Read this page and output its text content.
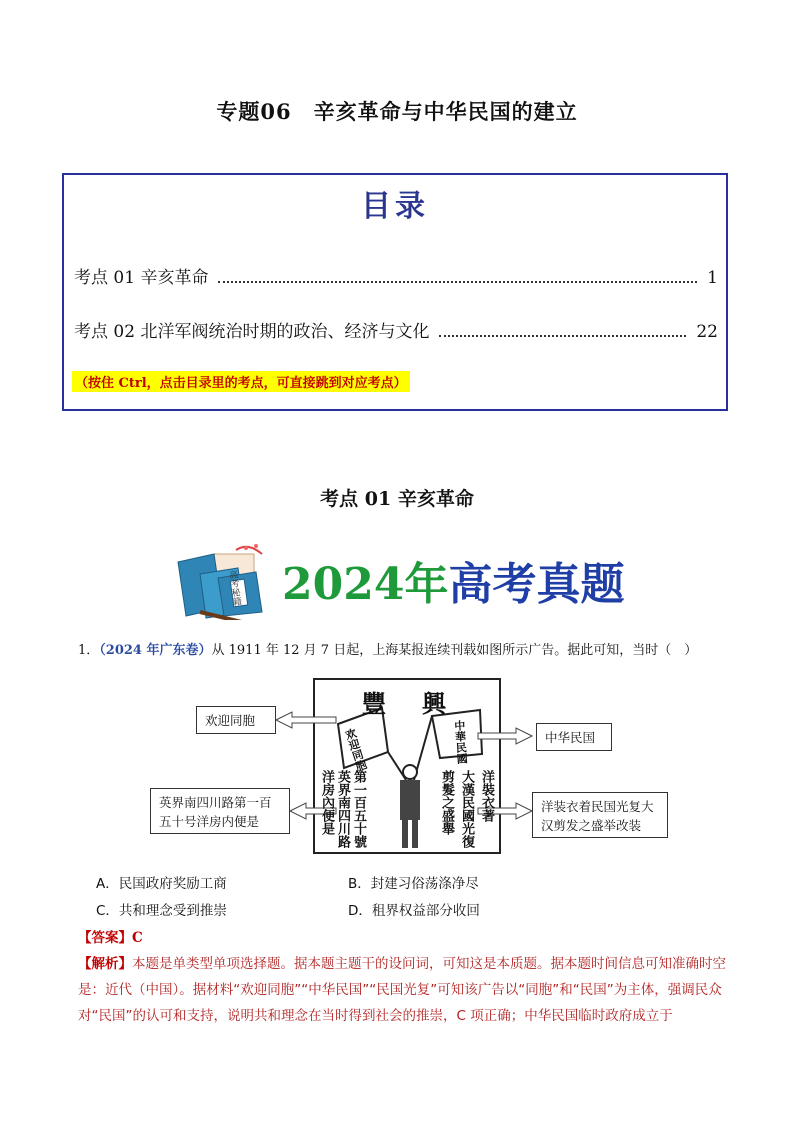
专题06　辛亥革命与中华民国的建立
目录
考点 01 辛亥革命	1
考点 02 北洋军阀统治时期的政治、经济与文化	22
（按住 Ctrl，点击目录里的考点，可直接跳到对应考点）
考点 01 辛亥革命
高考秘籍 2024年高考真题
1．（2024 年广东卷）从 1911 年 12 月 7 日起，上海某报连续刊载如图所示广告。据此可知，当时（　）
豐　興
欢迎同胞	中華民國
洋房內便是 英界南四川路 第一百五十號	剪髮之盛舉 大漢民國光復 洋裝衣著
欢迎同胞
英界南四川路第一百五十号洋房内便是
中华民国
洋装衣着民国光复大汉剪发之盛举改装
A．民国政府奖励工商	B．封建习俗荡涤净尽
C．共和理念受到推崇	D．租界权益部分收回
【答案】C
【解析】本题是单类型单项选择题。据本题主题干的设问词，可知这是本质题。据本题时间信息可知准确时空是：近代（中国）。据材料“欢迎同胞”“中华民国”“民国光复”可知该广告以“同胞”和“民国”为主体，强调民众对“民国”的认可和支持，说明共和理念在当时得到社会的推崇，C 项正确；中华民国临时政府成立于
